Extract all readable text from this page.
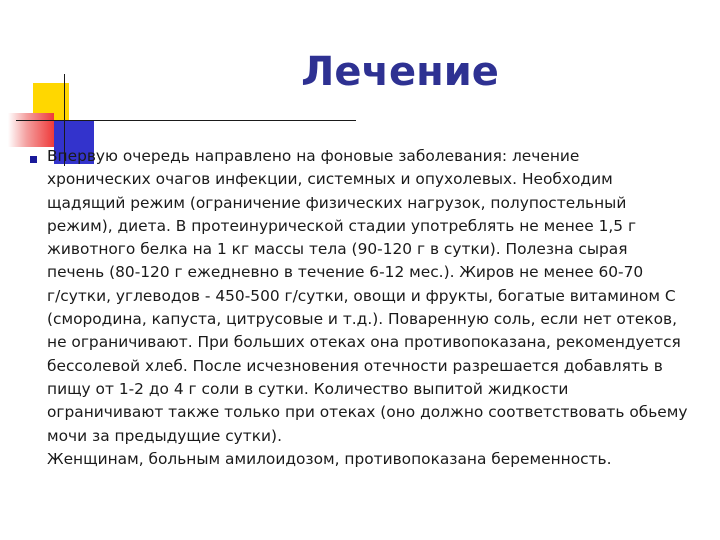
Лечение
Впервую очередь направлено на фоновые заболевания: лечение
хронических очагов инфекции, системных и опухолевых. Необходим
щадящий режим (ограничение физических нагрузок, полупостельный
режим), диета. В протеинурической стадии употреблять не менее 1,5 г
животного белка на 1 кг массы тела (90-120 г в сутки). Полезна сырая
печень (80-120 г ежедневно в течение 6-12 мес.). Жиров не менее 60-70
г/сутки, углеводов - 450-500 г/сутки, овощи и фрукты, богатые витамином С
(смородина, капуста, цитрусовые и т.д.). Поваренную соль, если нет отеков,
не ограничивают. При больших отеках она противопоказана, рекомендуется
бессолевой хлеб. После исчезновения отечности разрешается добавлять в
пищу от 1-2 до 4 г соли в сутки. Количество выпитой жидкости
ограничивают также только при отеках (оно должно соответствовать обьему
мочи за предыдущие сутки).
Женщинам, больным амилоидозом, противопоказана беременность.
